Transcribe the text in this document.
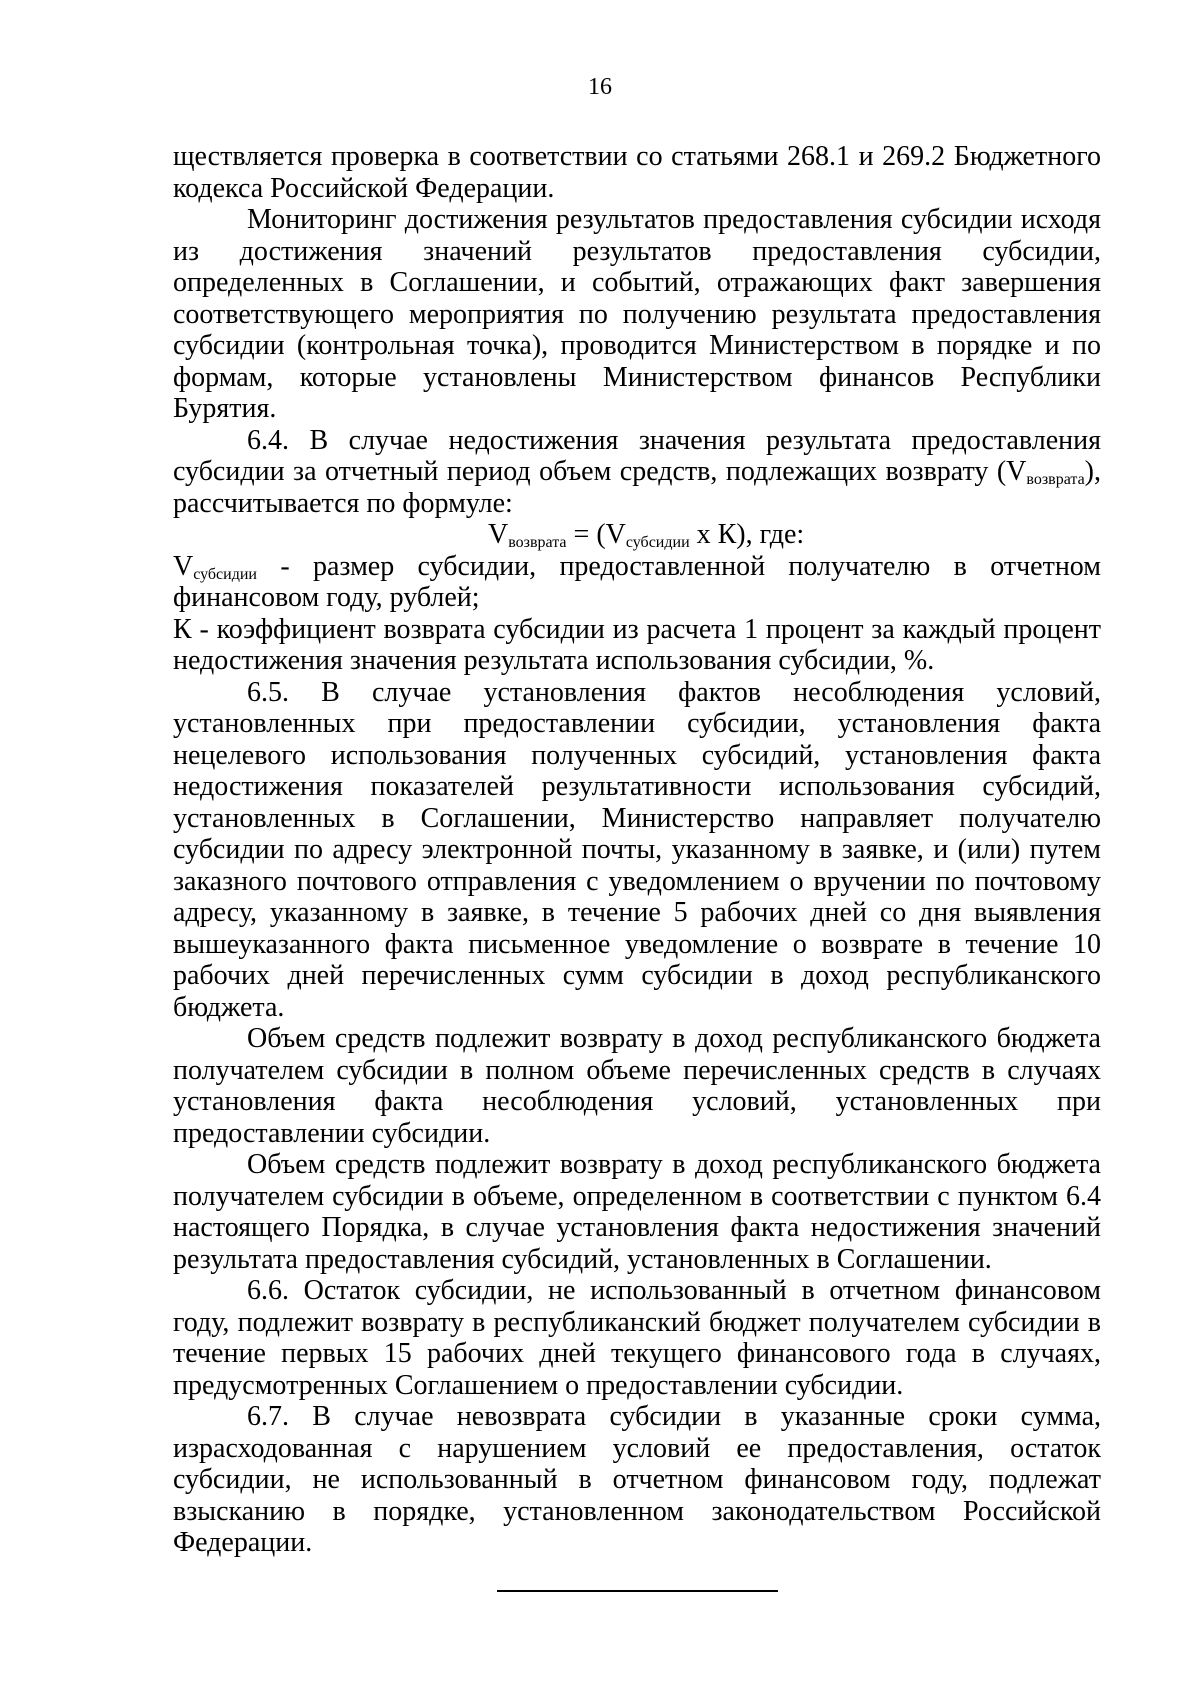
16

ществляется проверка в соответствии со статьями 268.1 и 269.2 Бюджетного кодекса Российской Федерации.

Мониторинг достижения результатов предоставления субсидии исходя из достижения значений результатов предоставления субсидии, определенных в Соглашении, и событий, отражающих факт завершения соответствующего мероприятия по получению результата предоставления субсидии (контрольная точка), проводится Министерством в порядке и по формам, которые установлены Министерством финансов Республики Бурятия.

6.4. В случае недостижения значения результата предоставления субсидии за отчетный период объем средств, подлежащих возврату $(V_{возврата})$, рассчитывается по формуле:

$V_{возврата} = (V_{субсидии}$ x К), где:

$V_{субсидии}$ - размер субсидии, предоставленной получателю в отчетном финансовом году, рублей;

К - коэффициент возврата субсидии из расчета 1 процент за каждый процент недостижения значения результата использования субсидии, %.

6.5. В случае установления фактов несоблюдения условий, установленных при предоставлении субсидии, установления факта нецелевого использования полученных субсидий, установления факта недостижения показателей результативности использования субсидий, установленных в Соглашении, Министерство направляет получателю субсидии по адресу электронной почты, указанному в заявке, и (или) путем заказного почтового отправления с уведомлением о вручении по почтовому адресу, указанному в заявке, в течение 5 рабочих дней со дня выявления вышеуказанного факта письменное уведомление о возврате в течение 10 рабочих дней перечисленных сумм субсидии в доход республиканского бюджета.

Объем средств подлежит возврату в доход республиканского бюджета получателем субсидии в полном объеме перечисленных средств в случаях установления факта несоблюдения условий, установленных при предоставлении субсидии.

Объем средств подлежит возврату в доход республиканского бюджета получателем субсидии в объеме, определенном в соответствии с пунктом 6.4 настоящего Порядка, в случае установления факта недостижения значений результата предоставления субсидий, установленных в Соглашении.

6.6. Остаток субсидии, не использованный в отчетном финансовом году, подлежит возврату в республиканский бюджет получателем субсидии в течение первых 15 рабочих дней текущего финансового года в случаях, предусмотренных Соглашением о предоставлении субсидии.

6.7. В случае невозврата субсидии в указанные сроки сумма, израсходованная с нарушением условий ее предоставления, остаток субсидии, не использованный в отчетном финансовом году, подлежат взысканию в порядке, установленном законодательством Российской Федерации.
